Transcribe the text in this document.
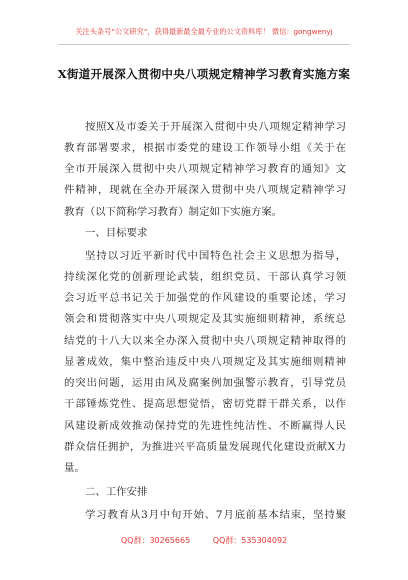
关注头条号“公文研究”，获得最新最全最专业的公文资料库！ 微信：gongwenyj
X街道开展深入贯彻中央八项规定精神学习教育实施方案
按照X及市委关于开展深入贯彻中央八项规定精神学习
教育部署要求，根据市委党的建设工作领导小组《关于在
全市开展深入贯彻中央八项规定精神学习教育的通知》文
件精神，现就在全办开展深入贯彻中央八项规定精神学习
教育（以下简称学习教育）制定如下实施方案。
一、目标要求
坚持以习近平新时代中国特色社会主义思想为指导，
持续深化党的创新理论武装，组织党员、干部认真学习领
会习近平总书记关于加强党的作风建设的重要论述，学习
领会和贯彻落实中央八项规定及其实施细则精神，系统总
结党的十八大以来全办深入贯彻中央八项规定精神取得的
显著成效，集中整治违反中央八项规定及其实施细则精神
的突出问题，运用由风及腐案例加强警示教育，引导党员
干部锤炼党性、提高思想觉悟，密切党群干群关系，以作
风建设新成效推动保持党的先进性纯洁性、不断赢得人民
群众信任拥护，为推进兴平高质量发展现代化建设贡献X力
量。
二、工作安排
学习教育从3月中旬开始、7月底前基本结束，坚持聚
QQ群：30265665	QQ群：535304092
